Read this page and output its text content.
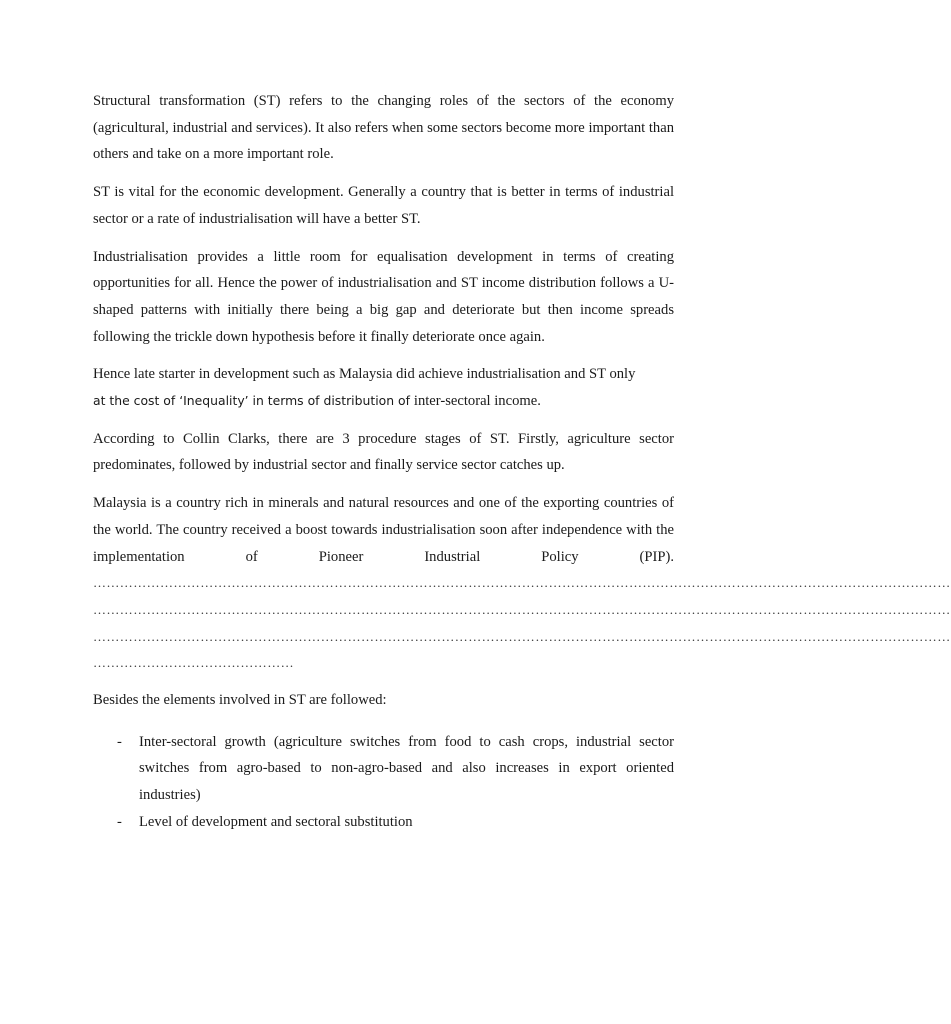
Structural transformation (ST) refers to the changing roles of the sectors of the economy (agricultural, industrial and services). It also refers when some sectors become more important than others and take on a more important role.

ST is vital for the economic development. Generally a country that is better in terms of industrial sector or a rate of industrialisation will have a better ST.

Industrialisation provides a little room for equalisation development in terms of creating opportunities for all. Hence the power of industrialisation and ST income distribution follows a U-shaped patterns with initially there being a big gap and deteriorate but then income spreads following the trickle down hypothesis before it finally deteriorate once again.

Hence late starter in development such as Malaysia did achieve industrialisation and ST only
at the cost of ‘Inequality’ in terms of distribution of inter-sectoral income.

According to Collin Clarks, there are 3 procedure stages of ST. Firstly, agriculture sector predominates, followed by industrial sector and finally service sector catches up.

Malaysia is a country rich in minerals and natural resources and one of the exporting countries of the world. The country received a boost towards industrialisation soon after independence with the implementation of Pioneer Industrial Policy (PIP).

…………………………………………………………………………………………………………………………………………………………………………
…………………………………………………………………………………………………………………………………………………………………………
…………………………………………………………………………………………………………………………………………………………………………
………………………………………

Besides the elements involved in ST are followed:

- Inter-sectoral growth (agriculture switches from food to cash crops, industrial sector switches from agro-based to non-agro-based and also increases in export oriented industries)
- Level of development and sectoral substitution
